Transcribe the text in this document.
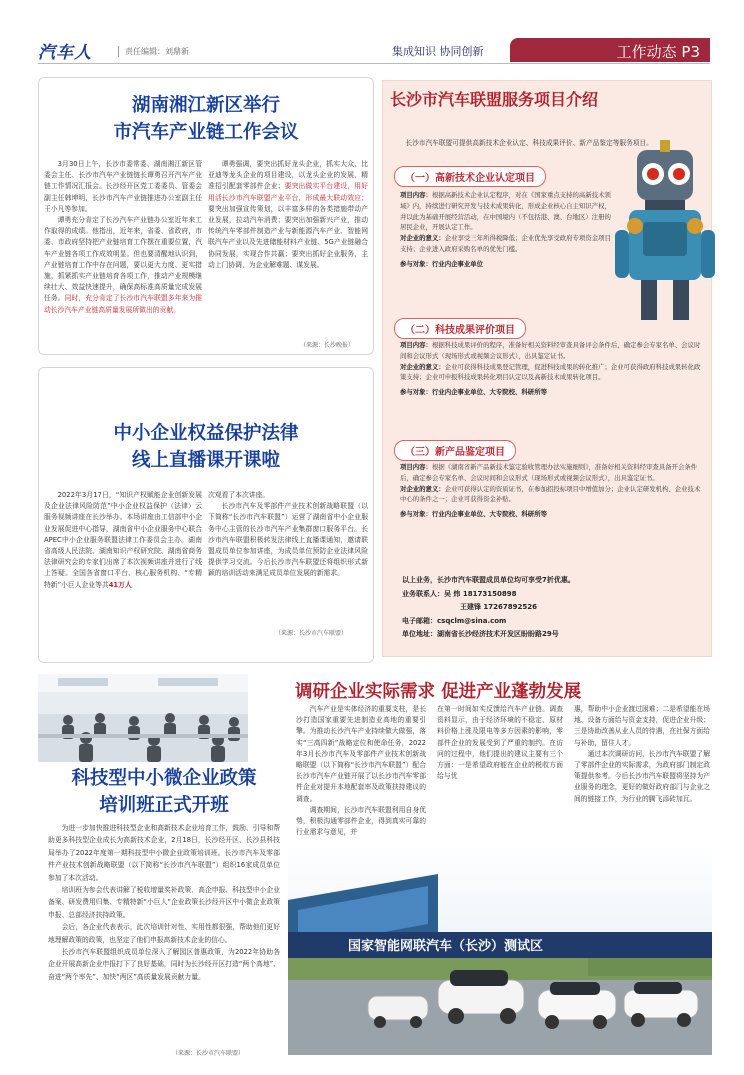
汽车人	责任编辑：刘鼎新	集成知识 协同创新	工作动态 P3
湖南湘江新区举行
市汽车产业链工作会议

3月30日上午，长沙市委常委、湖南湘江新区管委会主任、长沙市汽车产业链链长谭勇召开汽车产业链工作情况汇报会。长沙经开区党工委委员、管委会副主任韩坤明，长沙市汽车产业链推进办公室副主任王小凡等参加。

谭勇充分肯定了长沙汽车产业链办公室近年来工作取得的成绩。他指出，近年来，省委、省政府，市委、市政府坚持把产业链培育工作摆在重要位置，汽车产业链各项工作成效明显。但也要清醒地认识到，产业链培育工作中存在问题，要以更大力度、更实措施，抓紧抓实产业链培育各项工作，推动产业规模继续壮大、效益快速提升，确保高标准高质量完成发展任务。同时，充分肯定了长沙市汽车联盟多年来为推动长沙汽车产业链高质量发展所做出的贡献。

谭勇强调，要突出抓好龙头企业，抓实大众、比亚迪等龙头企业的项目建设，以龙头企业的发展，精准招引配套零部件企业；要突出做实平台建设，用好用活长沙市汽车联盟产业平台，形成最大联动效应；要突出加强宣传策划，以丰富多样的各类措施带动产业发展，拉动汽车消费；要突出加强新兴产业，推动传统汽车零部件制造产业与新能源汽车产业、智能网联汽车产业以及先进储能材料产业链、5G产业链融合协同发展，实现合作共赢；要突出抓好企业服务，主动上门协调，为企业解难题、谋发展。

（来源：长沙晚报）
中小企业权益保护法律
线上直播课开课啦

2022年3月17日，“知识产权赋能企业创新发展及企业法律风险防范”中小企业权益保护（法律）云服务视频讲座在长沙举办。本场讲座由工信部中小企业发展促进中心指导，湖南省中小企业服务中心联合APEC中小企业服务联盟法律工作委员会主办。湖南省高级人民法院、湖南知识产权研究院、湖南省商务法律研究会的专家们出席了本次视频讲座并进行了线上答疑。全国各省窗口平台、核心服务机构、“专精特新”小巨人企业等共41万人

次观看了本次讲座。

长沙市汽车及零部件产业技术创新战略联盟（以下简称“长沙市汽车联盟”）运营了湖南省中小企业服务中心主管的长沙市汽车产业集群窗口服务平台。长沙市汽车联盟积极转发法律线上直播课通知，邀请联盟成员单位参加讲座，为成员单位预防企业法律风险提供学习交流。今后长沙市汽车联盟还将组织形式新颖的培训活动来满足成员单位发展的新需求。

（来源：长沙市汽车联盟）
长沙市汽车联盟服务项目介绍

长沙市汽车联盟可提供高新技术企业认定、科技成果评价、新产品鉴定等服务项目。

（一）高新技术企业认定项目
项目内容：根据高新技术企业认定程序，对在《国家重点支持的高新技术领域》内，持续进行研究开发与技术成果转化，形成企业核心自主知识产权，并以此为基础开展经营活动，在中国境内（不包括港、澳、台地区）注册的居民企业，开展认定工作。
对企业的意义：企业享受三年所得税降低；企业优先享受政府专项资金项目支持；企业进入政府采购名单的优先门槛。
参与对象：行业内企事业单位
（二）科技成果评价项目
项目内容：根据科技成果评价的程序，准备好相关资料经审查具备评会条件后，确定参会专家名单、会议时间和会议形式（现场形式或视频会议形式），出具鉴定证书。
对企业的意义：企业可获得科技成果登记管理，促进科技成果的转化推广；企业可获得政府科技成果转化政策支持；企业可申报科技成果转化项目认定以及高新技术成果转化项目。
参与对象：行业内企事业单位、大专院校、科研所等
（三）新产品鉴定项目
项目内容：根据《湖南省新产品新技术鉴定验收管理办法实施细则》，准备好相关资料经审查具备开会条件后，确定参会专家名单、会议时间和会议形式（现场形式或视频会议形式），出具鉴定证书。
对企业的意义：企业可获得认定的资质证书，在参加招投标项目中增值加分；企业认定研发机构、企业技术中心的条件之一；企业可获得资金补贴。
参与对象：行业内企事业单位、大专院校、科研所等
以上业务，长沙市汽车联盟成员单位均可享受7折优惠。
业务联系人：吴 炜 18173150898
王建锋 17267892526
电子邮箱：csqclm@sina.com
单位地址：湖南省长沙经济技术开发区盼盼路29号
科技型中小微企业政策
培训班正式开班

为进一步加快推进科技型企业和高新技术企业培育工作，鼓励、引导和帮助更多科技型企业成长为高新技术企业，2月18日，长沙经开区、长沙县科技局举办了2022年度第一期科技型中小微企业政策培训班。长沙市汽车及零部件产业技术创新战略联盟（以下简称“长沙市汽车联盟”）组织16家成员单位参加了本次活动。

培训班为参会代表讲解了税收增量奖补政策、高企申报、科技型中小企业备案、研发费用归集、专精特新“小巨人”企业政策长沙经开区中小微企业政策申报、总部经济扶持政策。

会后，各企业代表表示，此次培训针对性、实用性都很强，帮助他们更好地理解政策的政策，也坚定了他们申报高新技术企业的信心。

长沙市汽车联盟组织成员单位深入了解园区普惠政策，为2022年协助各企业开展高新企业申报打下了良好基础，同时为长沙经开区打造“两个高地”、奋进“两个率先”、加快“两区”高质量发展贡献力量。

（来源：长沙市汽车联盟）
调研企业实际需求 促进产业蓬勃发展

汽车产业是实体经济的重要支柱，是长沙打造国家重要先进制造业高地的重要引擎。为推动长沙汽车产业持续做大做强，落实“三高四新”战略定位和使命任务，2022年3月长沙市汽车及零部件产业技术创新战略联盟（以下简称“长沙市汽车联盟”）配合长沙市汽车产业链开展了以长沙市汽车零部件企业对提升本地配套率及政策扶持建议的调查。

调查期间，长沙市汽车联盟利用自身优势，积极沟通零部件企业，得到真实可靠的行业需求与意见，并

在第一时间如实反馈给汽车产业链。调查资料显示，由于经济环境的不稳定、原材料价格上涨及限电等多方因素的影响，零部件企业的发展受到了严重的制约。在访问的过程中，他们提出的建议主要有三个方面：一是希望政府能在企业的税收方面给与优
惠，帮助中小企业渡过困难；二是希望能在场地、设备方面给与资金支持，促进企业升级；三是协助改善从业人员的待遇，在社保方面给与补助，留住人才。

通过本次调研访问，长沙市汽车联盟了解了零部件企业的实际需求，为政府部门制定政策提供参考。今后长沙市汽车联盟将坚持为产业服务的理念，更好的做好政府部门与企业之间的链接工作，为行业的腾飞添砖加瓦。

国家智能网联汽车（长沙）测试区
